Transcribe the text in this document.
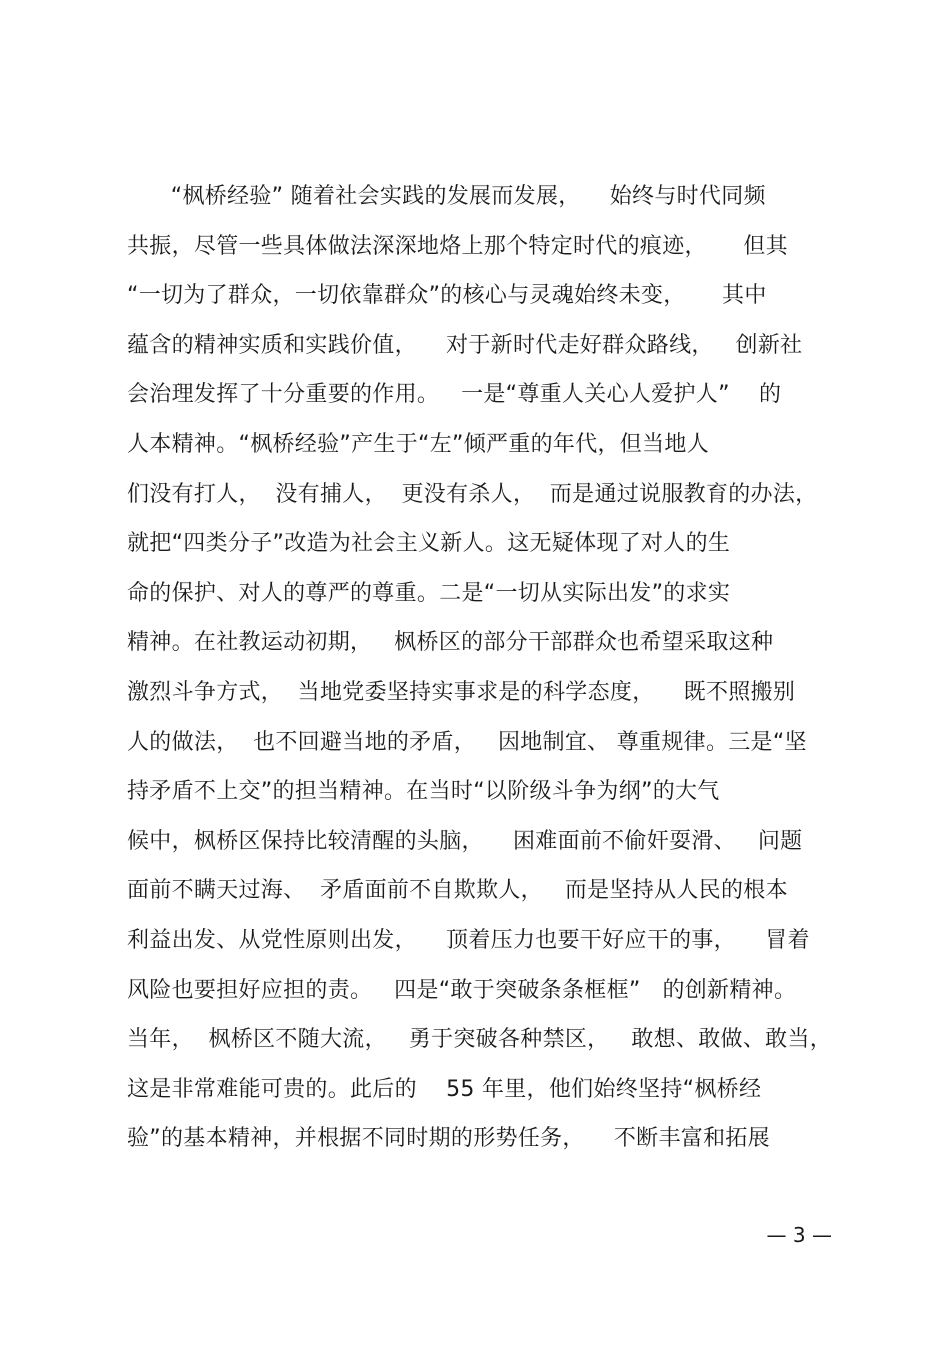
“枫桥经验” 随着社会实践的发展而发展，    始终与时代同频
共振，尽管一些具体做法深深地烙上那个特定时代的痕迹，     但其
“一切为了群众，一切依靠群众”的核心与灵魂始终未变，     其中
蕴含的精神实质和实践价值，    对于新时代走好群众路线，   创新社
会治理发挥了十分重要的作用。   一是“尊重人关心人爱护人”    的
人本精神。“枫桥经验”产生于“左”倾严重的年代，但当地人
们没有打人，  没有捕人，  更没有杀人，  而是通过说服教育的办法，
就把“四类分子”改造为社会主义新人。这无疑体现了对人的生
命的保护、对人的尊严的尊重。二是“一切从实际出发”的求实
精神。在社教运动初期，   枫桥区的部分干部群众也希望采取这种
激烈斗争方式，  当地党委坚持实事求是的科学态度，    既不照搬别
人的做法，  也不回避当地的矛盾，   因地制宜、 尊重规律。三是“坚
持矛盾不上交”的担当精神。在当时“以阶级斗争为纲”的大气
候中，枫桥区保持比较清醒的头脑，    困难面前不偷奸耍滑、   问题
面前不瞒天过海、  矛盾面前不自欺欺人，   而是坚持从人民的根本
利益出发、从党性原则出发，    顶着压力也要干好应干的事，    冒着
风险也要担好应担的责。   四是“敢于突破条条框框”   的创新精神。
当年，  枫桥区不随大流，   勇于突破各种禁区，   敢想、敢做、敢当，
这是非常难能可贵的。此后的    55 年里，他们始终坚持“枫桥经
验”的基本精神，并根据不同时期的形势任务，    不断丰富和拓展
— 3 —
